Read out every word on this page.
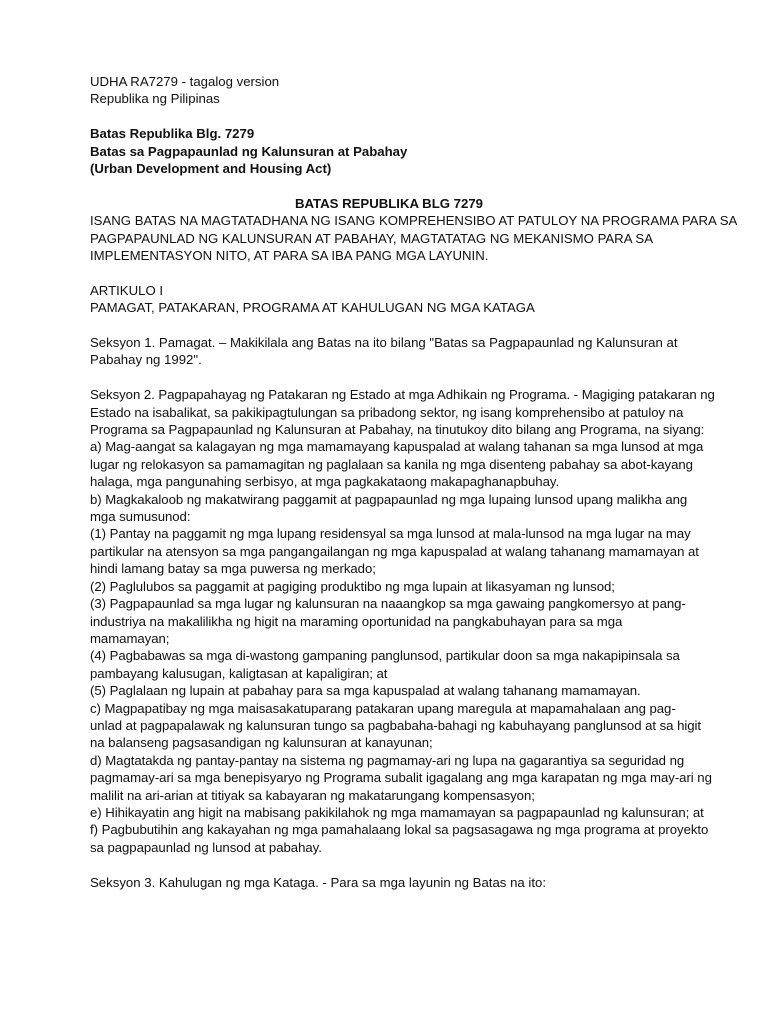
UDHA RA7279 - tagalog version
Republika ng Pilipinas
Batas Republika Blg. 7279
Batas sa Pagpapaunlad ng Kalunsuran at Pabahay
(Urban Development and Housing Act)
BATAS REPUBLIKA BLG 7279
ISANG BATAS NA MAGTATADHANA NG ISANG KOMPREHENSIBO AT PATULOY NA PROGRAMA PARA SA
PAGPAPAUNLAD NG KALUNSURAN AT PABAHAY, MAGTATATAG NG MEKANISMO PARA SA
IMPLEMENTASYON NITO, AT PARA SA IBA PANG MGA LAYUNIN.
ARTIKULO I
PAMAGAT, PATAKARAN, PROGRAMA AT KAHULUGAN NG MGA KATAGA
Seksyon 1. Pamagat. – Makikilala ang Batas na ito bilang "Batas sa Pagpapaunlad ng Kalunsuran at
Pabahay ng 1992".
Seksyon 2. Pagpapahayag ng Patakaran ng Estado at mga Adhikain ng Programa. - Magiging patakaran ng
Estado na isabalikat, sa pakikipagtulungan sa pribadong sektor, ng isang komprehensibo at patuloy na
Programa sa Pagpapaunlad ng Kalunsuran at Pabahay, na tinutukoy dito bilang ang Programa, na siyang:
a) Mag-aangat sa kalagayan ng mga mamamayang kapuspalad at walang tahanan sa mga lunsod at mga
lugar ng relokasyon sa pamamagitan ng paglalaan sa kanila ng mga disenteng pabahay sa abot-kayang
halaga, mga pangunahing serbisyo, at mga pagkakataong makapaghanapbuhay.
b) Magkakaloob ng makatwirang paggamit at pagpapaunlad ng mga lupaing lunsod upang malikha ang
mga sumusunod:
(1) Pantay na paggamit ng mga lupang residensyal sa mga lunsod at mala-lunsod na mga lugar na may
partikular na atensyon sa mga pangangailangan ng mga kapuspalad at walang tahanang mamamayan at
hindi lamang batay sa mga puwersa ng merkado;
(2) Paglulubos sa paggamit at pagiging produktibo ng mga lupain at likasyaman ng lunsod;
(3) Pagpapaunlad sa mga lugar ng kalunsuran na naaangkop sa mga gawaing pangkomersyo at pang-
industriya na makalilikha ng higit na maraming oportunidad na pangkabuhayan para sa mga
mamamayan;
(4) Pagbabawas sa mga di-wastong gampaning panglunsod, partikular doon sa mga nakapipinsala sa
pambayang kalusugan, kaligtasan at kapaligiran; at
(5) Paglalaan ng lupain at pabahay para sa mga kapuspalad at walang tahanang mamamayan.
c) Magpapatibay ng mga maisasakatuparang patakaran upang maregula at mapamahalaan ang pag-
unlad at pagpapalawak ng kalunsuran tungo sa pagbabaha-bahagi ng kabuhayang panglunsod at sa higit
na balanseng pagsasandigan ng kalunsuran at kanayunan;
d) Magtatakda ng pantay-pantay na sistema ng pagmamay-ari ng lupa na gagarantiya sa seguridad ng
pagmamay-ari sa mga benepisyaryo ng Programa subalit igagalang ang mga karapatan ng mga may-ari ng
malilit na ari-arian at titiyak sa kabayaran ng makatarungang kompensasyon;
e) Hihikayatin ang higit na mabisang pakikilahok ng mga mamamayan sa pagpapaunlad ng kalunsuran; at
f) Pagbubutihin ang kakayahan ng mga pamahalaang lokal sa pagsasagawa ng mga programa at proyekto
sa pagpapaunlad ng lunsod at pabahay.
Seksyon 3. Kahulugan ng mga Kataga. - Para sa mga layunin ng Batas na ito:
